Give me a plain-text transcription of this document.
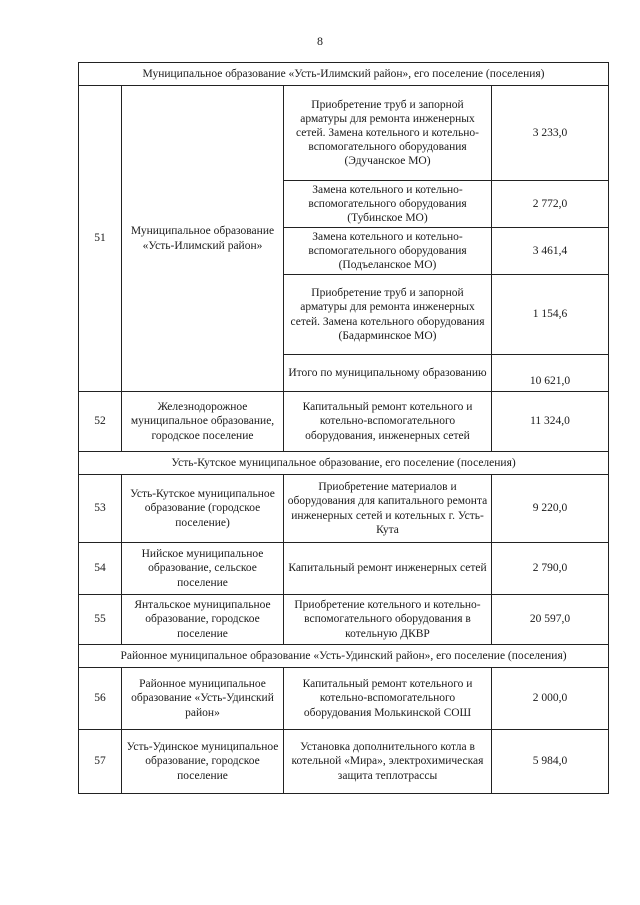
8
Муниципальное образование «Усть-Илимский район», его поселение (поселения)			
51	Муниципальное образование «Усть-Илимский район»	Приобретение труб и запорной арматуры для ремонта инженерных сетей. Замена котельного и котельно-вспомогательного оборудования (Эдучанское МО)	3 233,0
		Замена котельного и котельно-вспомогательного оборудования (Тубинское МО)	2 772,0
		Замена котельного и котельно-вспомогательного оборудования (Подъеланское МО)	3 461,4
		Приобретение труб и запорной арматуры для ремонта инженерных сетей. Замена котельного оборудования (Бадарминское МО)	1 154,6
		Итого по муниципальному образованию	10 621,0
52	Железнодорожное муниципальное образование, городское поселение	Капитальный ремонт котельного и котельно-вспомогательного оборудования, инженерных сетей	11 324,0
Усть-Кутское муниципальное образование, его поселение (поселения)			
53	Усть-Кутское муниципальное образование (городское поселение)	Приобретение материалов и оборудования для капитального ремонта инженерных сетей и котельных г. Усть- Кута	9 220,0
54	Нийское муниципальное образование, сельское поселение	Капитальный ремонт инженерных сетей	2 790,0
55	Янтальское муниципальное образование, городское поселение	Приобретение котельного и котельно-вспомогательного оборудования в котельную ДКВР	20 597,0
Районное муниципальное образование «Усть-Удинский район», его поселение (поселения)			
56	Районное муниципальное образование «Усть-Удинский район»	Капитальный ремонт котельного и котельно-вспомогательного оборудования Молькинской СОШ	2 000,0
57	Усть-Удинское муниципальное образование, городское поселение	Установка дополнительного котла в котельной «Мира», электрохимическая защита теплотрассы	5 984,0
